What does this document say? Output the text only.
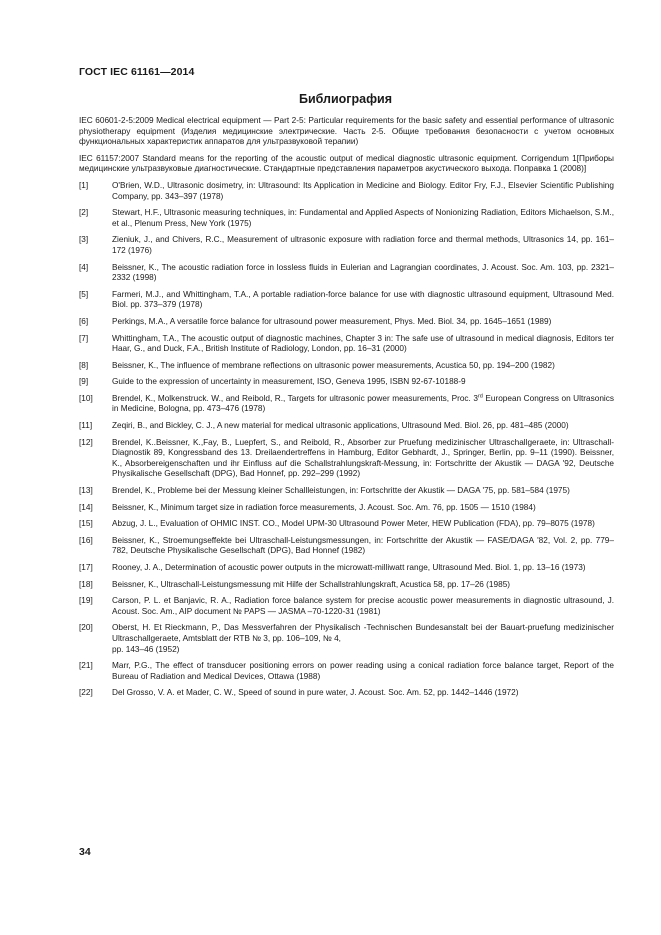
ГОСТ IEC 61161—2014
Библиография

IEC 60601-2-5:2009 Medical electrical equipment — Part 2-5: Particular requirements for the basic safety and essential performance of ultrasonic physiotherapy equipment (Изделия медицинские электрические. Часть 2-5. Общие требования безопасности с учетом основных функциональных характеристик аппаратов для ультразвуковой терапии)

IEC 61157:2007 Standard means for the reporting of the acoustic output of medical diagnostic ultrasonic equipment. Corrigendum 1[Приборы медицинские ультразвуковые диагностические. Стандартные представления параметров акустического выхода. Поправка 1 (2008)]

[1]	O'Brien, W.D., Ultrasonic dosimetry, in: Ultrasound: Its Application in Medicine and Biology. Editor Fry, F.J., Elsevier Scientific Publishing Company, pp. 343–397 (1978)
[2]	Stewart, H.F., Ultrasonic measuring techniques, in: Fundamental and Applied Aspects of Nonionizing Radiation, Editors Michaelson, S.M., et al., Plenum Press, New York (1975)
[3]	Zieniuk, J., and Chivers, R.C., Measurement of ultrasonic exposure with radiation force and thermal methods, Ultrasonics 14, pp. 161–172 (1976)
[4]	Beissner, K., The acoustic radiation force in lossless fluids in Eulerian and Lagrangian coordinates, J. Acoust. Soc. Am. 103, pp. 2321–2332 (1998)
[5]	Farmeri, M.J., and Whittingham, T.A., A portable radiation-force balance for use with diagnostic ultrasound equipment, Ultrasound Med. Biol. pp. 373–379 (1978)
[6]	Perkings, M.A., A versatile force balance for ultrasound power measurement, Phys. Med. Biol. 34, pp. 1645–1651 (1989)
[7]	Whittingham, T.A., The acoustic output of diagnostic machines, Chapter 3 in: The safe use of ultrasound in medical diagnosis, Editors ter Haar, G., and Duck, F.A., British Institute of Radiology, London, pp. 16–31 (2000)
[8]	Beissner, K., The influence of membrane reflections on ultrasonic power measurements, Acustica 50, pp. 194–200 (1982)
[9]	Guide to the expression of uncertainty in measurement, ISO, Geneva 1995, ISBN 92-67-10188-9
[10]	Brendel, K., Molkenstruck. W., and Reibold, R., Targets for ultrasonic power measurements, Proc. 3rd European Congress on Ultrasonics in Medicine, Bologna, pp. 473–476 (1978)
[11]	Zeqiri, B., and Bickley, C. J., A new material for medical ultrasonic applications, Ultrasound Med. Biol. 26, pp. 481–485 (2000)
[12]	Brendel, K..Beissner, K.,Fay, B., Luepfert, S., and Reibold, R., Absorber zur Pruefung medizinischer Ultraschallgeraete, in: Ultraschall-Diagnostik 89, Kongressband des 13. Dreilaendertreffens in Hamburg, Editor Gebhardt, J., Springer, Berlin, pp. 9–11 (1990). Beissner, K., Absorbereigenschaften und ihr Einfluss auf die Schallstrahlungskraft-Messung, in: Fortschritte der Akustik — DAGA '92, Deutsche Physikalische Gesellschaft (DPG), Bad Honnef, pp. 292–299 (1992)
[13]	Brendel, K., Probleme bei der Messung kleiner Schallleistungen, in: Fortschritte der Akustik — DAGA '75, pp. 581–584 (1975)
[14]	Beissner, K., Minimum target size in radiation force measurements, J. Acoust. Soc. Am. 76, pp. 1505 — 1510 (1984)
[15]	Abzug, J. L., Evaluation of OHMIC INST. CO., Model UPM-30 Ultrasound Power Meter, HEW Publication (FDA), pp. 79–8075 (1978)
[16]	Beissner, K., Stroemungseffekte bei Ultraschall-Leistungsmessungen, in: Fortschritte der Akustik — FASE/DAGA '82, Vol. 2, pp. 779–782, Deutsche Physikalische Gesellschaft (DPG), Bad Honnef (1982)
[17]	Rooney, J. A., Determination of acoustic power outputs in the microwatt-milliwatt range, Ultrasound Med. Biol. 1, pp. 13–16 (1973)
[18]	Beissner, K., Ultraschall-Leistungsmessung mit Hilfe der Schallstrahlungskraft, Acustica 58, pp. 17–26 (1985)
[19]	Carson, P. L. et Banjavic, R. A., Radiation force balance system for precise acoustic power measurements in diagnostic ultrasound, J. Acoust. Soc. Am., AIP document № PAPS — JASMA –70-1220-31 (1981)
[20]	Oberst, H. Et Rieckmann, P., Das Messverfahren der Physikalisch -Technischen Bundesanstalt bei der Bauart-pruefung medizinischer Ultraschallgeraete, Amtsblatt der RTB № 3, pp. 106–109, № 4,
pp. 143–46 (1952)
[21]	Marr, P.G., The effect of transducer positioning errors on power reading using a conical radiation force balance target, Report of the Bureau of Radiation and Medical Devices, Ottawa (1988)
[22]	Del Grosso, V. A. et Mader, C. W., Speed of sound in pure water, J. Acoust. Soc. Am. 52, pp. 1442–1446 (1972)
34
